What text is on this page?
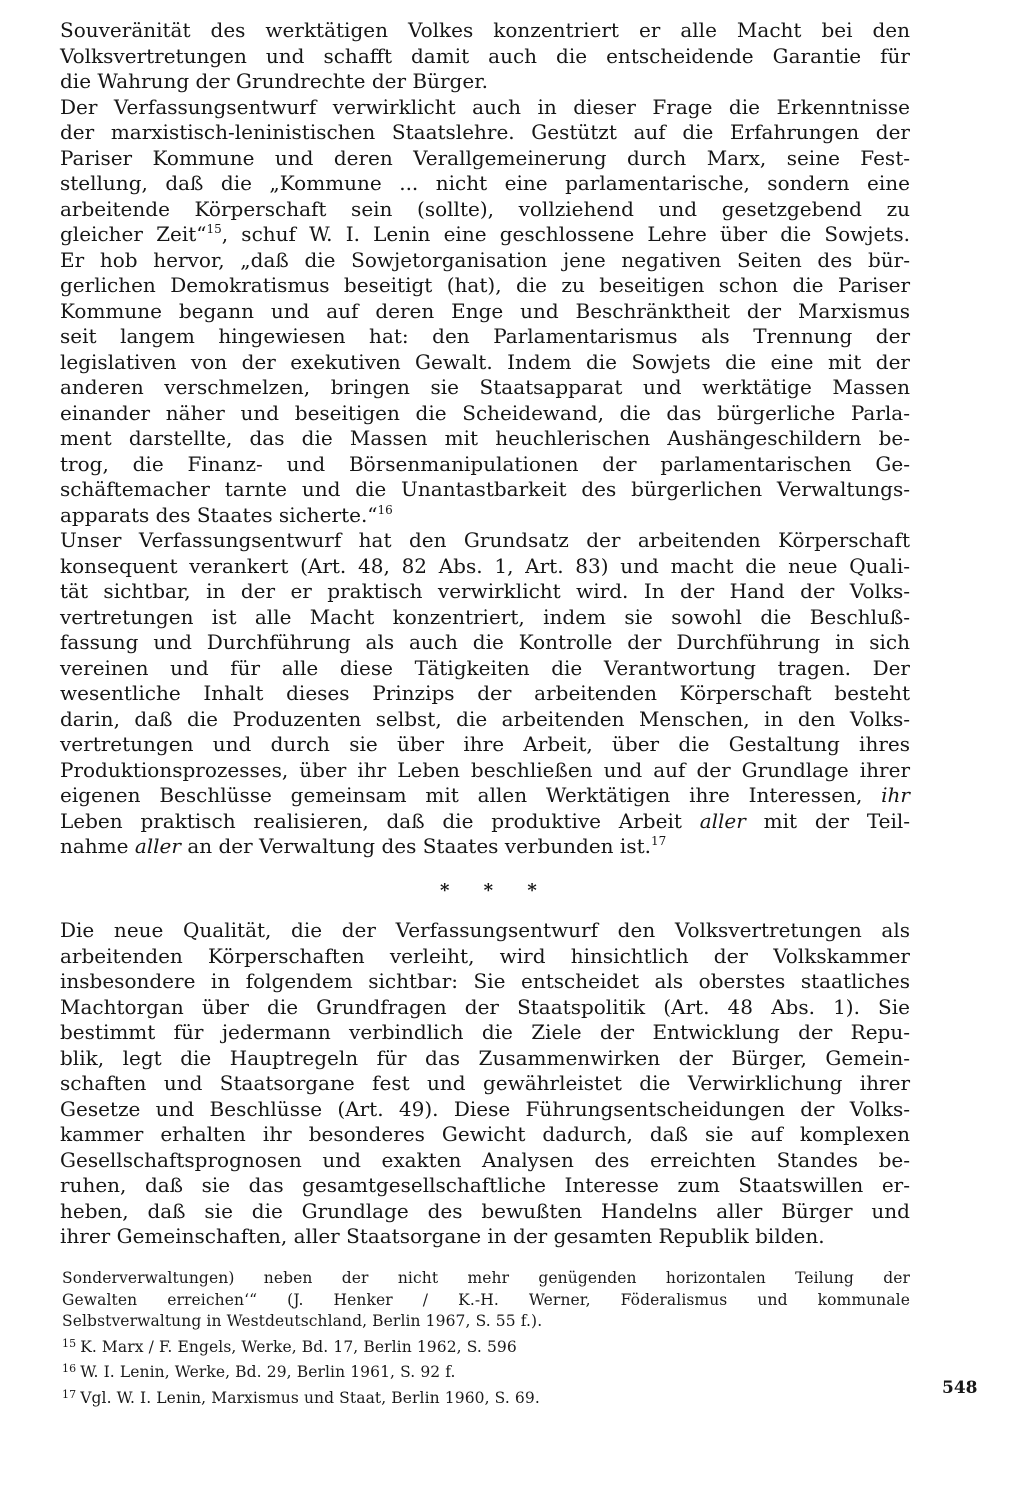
Souveränität des werktätigen Volkes konzentriert er alle Macht bei den
Volksvertretungen und schafft damit auch die entscheidende Garantie für
die Wahrung der Grundrechte der Bürger.
Der Verfassungsentwurf verwirklicht auch in dieser Frage die Erkenntnisse
der marxistisch-leninistischen Staatslehre. Gestützt auf die Erfahrungen der
Pariser Kommune und deren Verallgemeinerung durch Marx, seine Fest-
stellung, daß die „Kommune ... nicht eine parlamentarische, sondern eine
arbeitende Körperschaft sein (sollte), vollziehend und gesetzgebend zu
gleicher Zeit“$^{15}$, schuf W. I. Lenin eine geschlossene Lehre über die Sowjets.
Er hob hervor, „daß die Sowjetorganisation jene negativen Seiten des bür-
gerlichen Demokratismus beseitigt (hat), die zu beseitigen schon die Pariser
Kommune begann und auf deren Enge und Beschränktheit der Marxismus
seit langem hingewiesen hat: den Parlamentarismus als Trennung der
legislativen von der exekutiven Gewalt. Indem die Sowjets die eine mit der
anderen verschmelzen, bringen sie Staatsapparat und werktätige Massen
einander näher und beseitigen die Scheidewand, die das bürgerliche Parla-
ment darstellte, das die Massen mit heuchlerischen Aushängeschildern be-
trog, die Finanz- und Börsenmanipulationen der parlamentarischen Ge-
schäftemacher tarnte und die Unantastbarkeit des bürgerlichen Verwaltungs-
apparats des Staates sicherte.“$^{16}$
Unser Verfassungsentwurf hat den Grundsatz der arbeitenden Körperschaft
konsequent verankert (Art. 48, 82 Abs. 1, Art. 83) und macht die neue Quali-
tät sichtbar, in der er praktisch verwirklicht wird. In der Hand der Volks-
vertretungen ist alle Macht konzentriert, indem sie sowohl die Beschluß-
fassung und Durchführung als auch die Kontrolle der Durchführung in sich
vereinen und für alle diese Tätigkeiten die Verantwortung tragen. Der
wesentliche Inhalt dieses Prinzips der arbeitenden Körperschaft besteht
darin, daß die Produzenten selbst, die arbeitenden Menschen, in den Volks-
vertretungen und durch sie über ihre Arbeit, über die Gestaltung ihres
Produktionsprozesses, über ihr Leben beschließen und auf der Grundlage ihrer
eigenen Beschlüsse gemeinsam mit allen Werktätigen ihre Interessen, ihr
Leben praktisch realisieren, daß die produktive Arbeit aller mit der Teil-
nahme aller an der Verwaltung des Staates verbunden ist.$^{17}$
* * *
Die neue Qualität, die der Verfassungsentwurf den Volksvertretungen als
arbeitenden Körperschaften verleiht, wird hinsichtlich der Volkskammer
insbesondere in folgendem sichtbar: Sie entscheidet als oberstes staatliches
Machtorgan über die Grundfragen der Staatspolitik (Art. 48 Abs. 1). Sie
bestimmt für jedermann verbindlich die Ziele der Entwicklung der Repu-
blik, legt die Hauptregeln für das Zusammenwirken der Bürger, Gemein-
schaften und Staatsorgane fest und gewährleistet die Verwirklichung ihrer
Gesetze und Beschlüsse (Art. 49). Diese Führungsentscheidungen der Volks-
kammer erhalten ihr besonderes Gewicht dadurch, daß sie auf komplexen
Gesellschaftsprognosen und exakten Analysen des erreichten Standes be-
ruhen, daß sie das gesamtgesellschaftliche Interesse zum Staatswillen er-
heben, daß sie die Grundlage des bewußten Handelns aller Bürger und
ihrer Gemeinschaften, aller Staatsorgane in der gesamten Republik bilden.
Sonderverwaltungen) neben der nicht mehr genügenden horizontalen Teilung der
Gewalten erreichen‘“ (J. Henker / K.-H. Werner, Föderalismus und kommunale
Selbstverwaltung in Westdeutschland, Berlin 1967, S. 55 f.).
$^{15}$ K. Marx / F. Engels, Werke, Bd. 17, Berlin 1962, S. 596
$^{16}$ W. I. Lenin, Werke, Bd. 29, Berlin 1961, S. 92 f.
$^{17}$ Vgl. W. I. Lenin, Marxismus und Staat, Berlin 1960, S. 69.	548
